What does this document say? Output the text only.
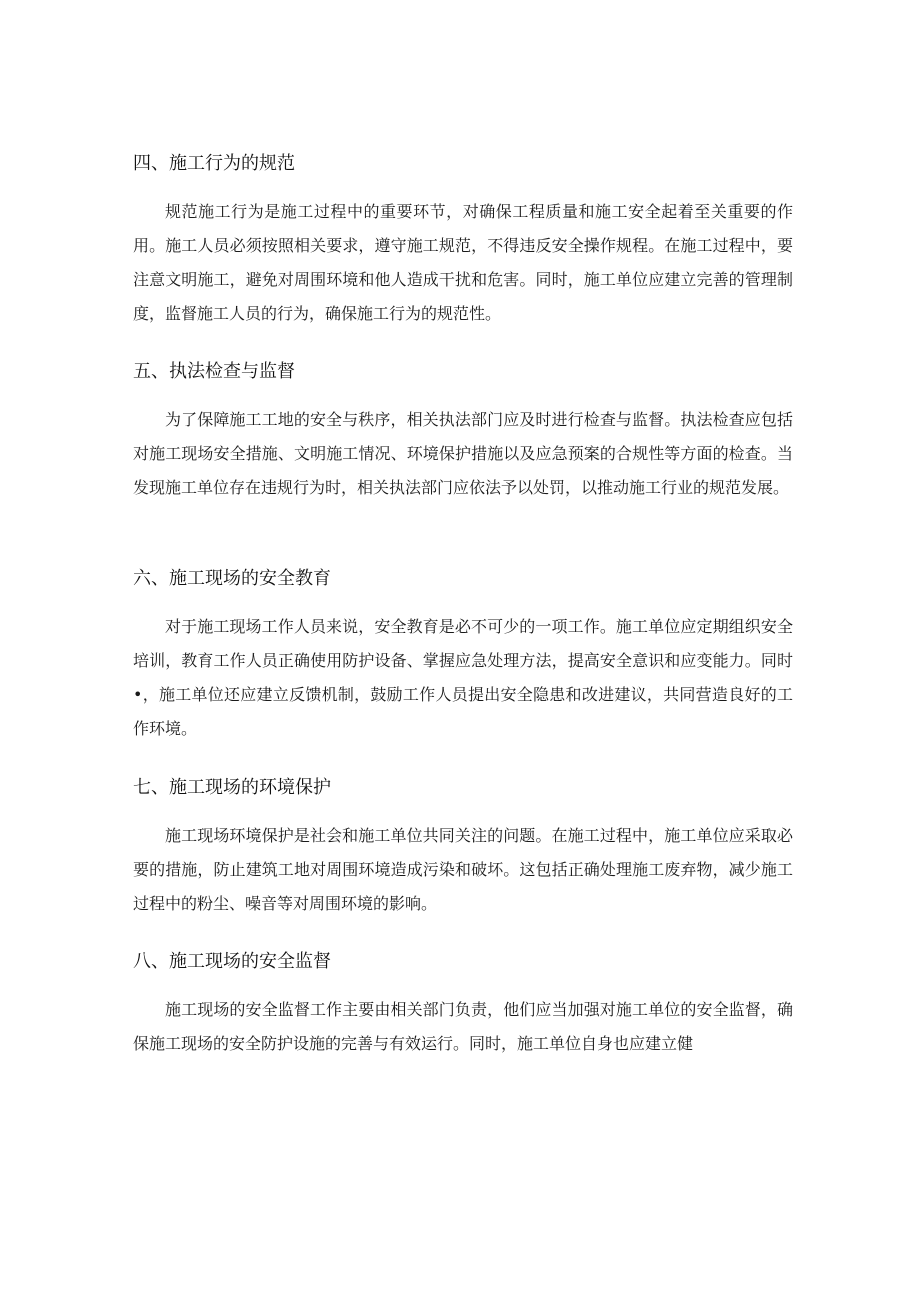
四、施工行为的规范
规范施工行为是施工过程中的重要环节，对确保工程质量和施工安全起着至关重要的作用。施工人员必须按照相关要求，遵守施工规范，不得违反安全操作规程。在施工过程中，要注意文明施工，避免对周围环境和他人造成干扰和危害。同时，施工单位应建立完善的管理制度，监督施工人员的行为，确保施工行为的规范性。
五、执法检查与监督
为了保障施工工地的安全与秩序，相关执法部门应及时进行检查与监督。执法检查应包括对施工现场安全措施、文明施工情况、环境保护措施以及应急预案的合规性等方面的检查。当发现施工单位存在违规行为时，相关执法部门应依法予以处罚，以推动施工行业的规范发展。
六、施工现场的安全教育
对于施工现场工作人员来说，安全教育是必不可少的一项工作。施工单位应定期组织安全培训，教育工作人员正确使用防护设备、掌握应急处理方法，提高安全意识和应变能力。同时•，施工单位还应建立反馈机制，鼓励工作人员提出安全隐患和改进建议，共同营造良好的工作环境。
七、施工现场的环境保护
施工现场环境保护是社会和施工单位共同关注的问题。在施工过程中，施工单位应采取必要的措施，防止建筑工地对周围环境造成污染和破坏。这包括正确处理施工废弃物，减少施工过程中的粉尘、噪音等对周围环境的影响。
八、施工现场的安全监督
施工现场的安全监督工作主要由相关部门负责，他们应当加强对施工单位的安全监督，确保施工现场的安全防护设施的完善与有效运行。同时，施工单位自身也应建立健
